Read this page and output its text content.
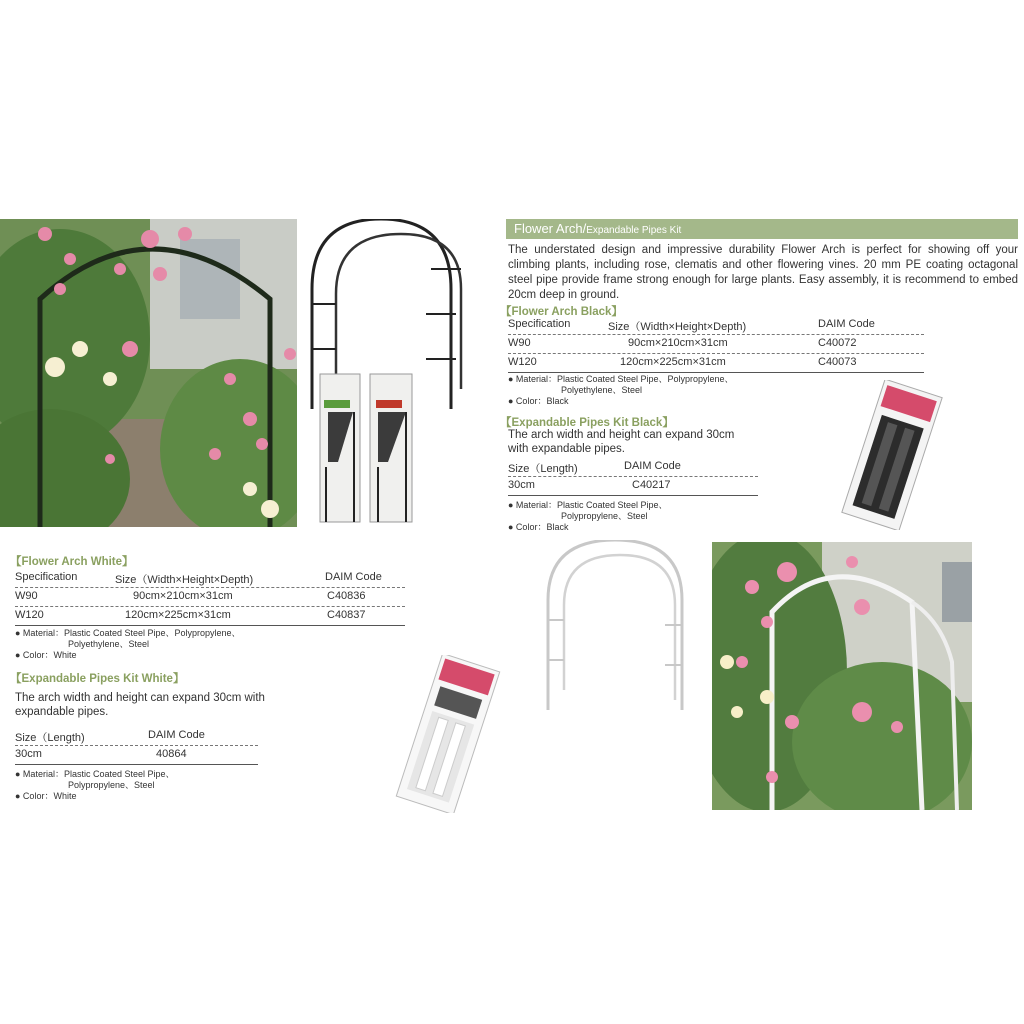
Flower Arch/Expandable Pipes Kit
The understated design and impressive durability Flower Arch is perfect for showing off your climbing plants, including rose, clematis and other flowering vines. 20 mm PE coating octagonal steel pipe provide frame strong enough for large plants. Easy assembly, it is recommend to embed 20cm deep in ground.
【Flower Arch Black】
Specification	Size（Width×Height×Depth)	DAIM Code
W90	90cm×210cm×31cm	C40072
W120	120cm×225cm×31cm	C40073
● Material：Plastic Coated Steel Pipe、Polypropylene、
Polyethylene、Steel
● Color：Black
【Expandable Pipes Kit Black】
The arch width and height can expand 30cm
with expandable pipes.
Size（Length)	DAIM Code
30cm	C40217
● Material：Plastic Coated Steel Pipe、
Polypropylene、Steel
● Color：Black
【Flower Arch White】
Specification	Size（Width×Height×Depth)	DAIM Code
W90	90cm×210cm×31cm	C40836
W120	120cm×225cm×31cm	C40837
● Material：Plastic Coated Steel Pipe、Polypropylene、
Polyethylene、Steel
● Color：White
【Expandable Pipes Kit White】
The arch width and height can expand 30cm with
expandable pipes.
Size（Length)	DAIM Code
30cm	40864
● Material：Plastic Coated Steel Pipe、
Polypropylene、Steel
● Color：White
